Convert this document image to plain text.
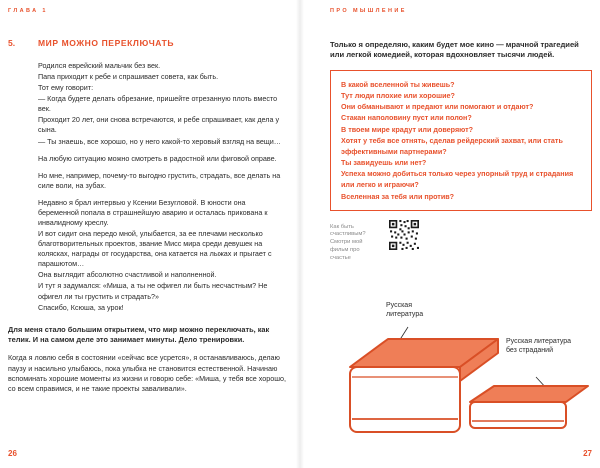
ГЛАВА 1
5.	МИР МОЖНО ПЕРЕКЛЮЧАТЬ

Родился еврейский мальчик без век.

Папа приходит к ребе и спрашивает совета, как быть.

Тот ему говорит:

— Когда будете делать обрезание, пришейте отрезанную плоть вместо век.

Проходит 20 лет, они снова встречаются, и ребе спрашивает, как дела у сына.

— Ты знаешь, все хорошо, но у него какой-то херовый взгляд на вещи…

На любую ситуацию можно смотреть в радостной или фиговой оправе.

Но мне, например, почему-то выгодно грустить, страдать, все делать на силе воли, на зубах.

Недавно я брал интервью у Ксении Безугловой. В юности она беременной попала в страшнейшую аварию и осталась прикована к инвалидному креслу.

И вот сидит она передо мной, улыбается, за ее плечами несколько благотворительных проектов, звание Мисс мира среди девушек на колясках, награды от государства, она катается на лыжах и прыгает с парашютом…

Она выглядит абсолютно счастливой и наполненной.

И тут я задумался: «Миша, а ты не офигел ли быть несчастным? Не офигел ли ты грустить и страдать?»

Спасибо, Ксюша, за урок!

Для меня стало большим открытием, что мир можно переключать, как телик. И на самом деле это занимает минуты. Дело тренировки.

Когда я ловлю себя в состоянии «сейчас все усрется», я останавливаюсь, делаю паузу и насильно улыбаюсь, пока улыбка не становится естественной. Начинаю вспоминать хорошие моменты из жизни и говорю себе: «Миша, у тебя все хорошо, со всем справимся, и не такие проекты заваливали».

26
ПРО МЫШЛЕНИЕ

Только я определяю, каким будет мое кино — мрачной трагедией или легкой комедией, которая вдохновляет тысячи людей.

В какой вселенной ты живешь?

Тут люди плохие или хорошие?

Они обманывают и предают или помогают и отдают?

Стакан наполовину пуст или полон?

В твоем мире крадут или доверяют?

Хотят у тебя все отнять, сделав рейдерский захват, или стать эффективными партнерами?

Ты завидуешь или нет?

Успеха можно добиться только через упорный труд и страдания или легко и играючи?

Вселенная за тебя или против?

Как быть счастливым?
Смотри мой фильм про счастье
Русская литература
Русская литература без страданий
27
